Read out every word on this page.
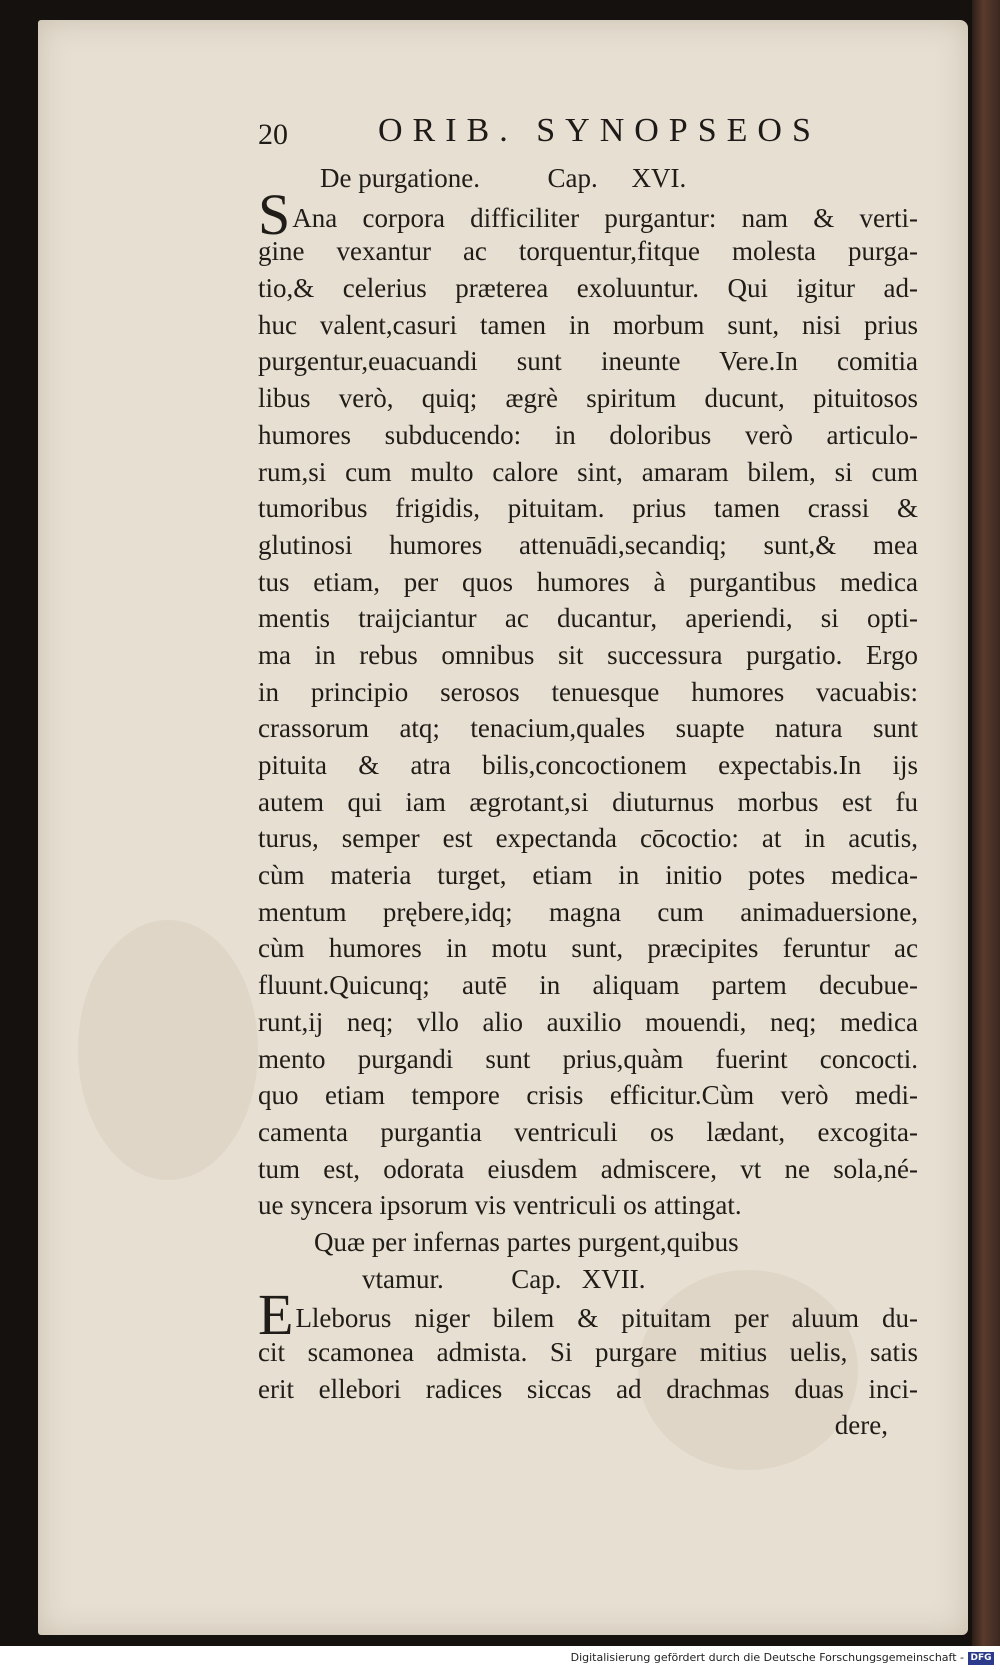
20	ORIB. SYNOPSEOS
De purgatione.          Cap.     XVI.
SAna corpora difficiliter purgantur: nam & verti-
gine vexantur ac torquentur,fitque molesta purga-
tio,& celerius præterea exoluuntur. Qui igitur ad-
huc valent,casuri tamen in morbum sunt, nisi prius
purgentur,euacuandi sunt ineunte Vere.In comitia
libus verò, quiq; ægrè spiritum ducunt, pituitosos
humores subducendo: in doloribus verò articulo-
rum,si cum multo calore sint, amaram bilem, si cum
tumoribus frigidis, pituitam. prius tamen crassi &
glutinosi humores attenuādi,secandiq; sunt,& mea
tus etiam, per quos humores à purgantibus medica
mentis traijciantur ac ducantur, aperiendi, si opti-
ma in rebus omnibus sit successura purgatio. Ergo
in principio serosos tenuesque humores vacuabis:
crassorum atq; tenacium,quales suapte natura sunt
pituita & atra bilis,concoctionem expectabis.In ijs
autem qui iam ægrotant,si diuturnus morbus est fu
turus, semper est expectanda cōcoctio: at in acutis,
cùm materia turget, etiam in initio potes medica-
mentum prębere,idq; magna cum animaduersione,
cùm humores in motu sunt, præcipites feruntur ac
fluunt.Quicunq; autē in aliquam partem decubue-
runt,ij neq; vllo alio auxilio mouendi, neq; medica
mento purgandi sunt prius,quàm fuerint concocti.
quo etiam tempore crisis efficitur.Cùm verò medi-
camenta purgantia ventriculi os lædant, excogita-
tum est, odorata eiusdem admiscere, vt ne sola,né-
ue syncera ipsorum vis ventriculi os attingat.
Quæ per infernas partes purgent,quibus
vtamur.          Cap.   XVII.
ELleborus niger bilem & pituitam per aluum du-
cit scamonea admista. Si purgare mitius uelis, satis
erit ellebori radices siccas ad drachmas duas inci-
dere,
Digitalisierung gefördert durch die Deutsche Forschungsgemeinschaft - DFG
